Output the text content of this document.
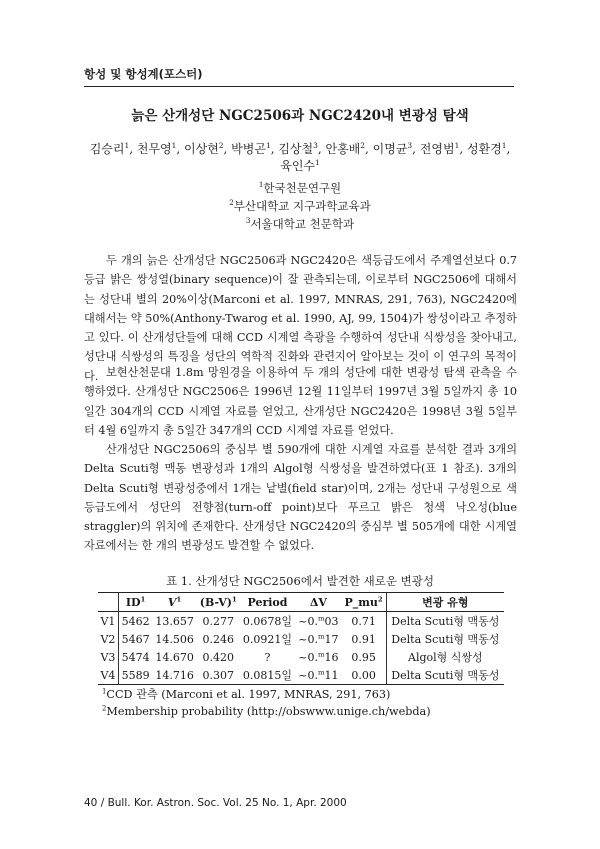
항성 및 항성계(포스터)
늙은 산개성단 NGC2506과 NGC2420내 변광성 탐색
김승리$^1$, 천무영$^1$, 이상현$^2$, 박병곤$^1$, 김상철$^3$, 안홍배$^2$, 이명균$^3$, 전영범$^1$, 성환경$^1$, 육인수$^1$
$^1$한국천문연구원
$^2$부산대학교 지구과학교육과
$^3$서울대학교 천문학과
두 개의 늙은 산개성단 NGC2506과 NGC2420은 색등급도에서 주계열선보다 0.7등급 밝은 쌍성열(binary sequence)이 잘 관측되는데, 이로부터 NGC2506에 대해서는 성단내 별의 20%이상(Marconi et al. 1997, MNRAS, 291, 763), NGC2420에 대해서는 약 50%(Anthony-Twarog et al. 1990, AJ, 99, 1504)가 쌍성이라고 추정하고 있다. 이 산개성단들에 대해 CCD 시계열 측광을 수행하여 성단내 식쌍성을 찾아내고, 성단내 식쌍성의 특징을 성단의 역학적 진화와 관련지어 알아보는 것이 이 연구의 목적이다. 보현산천문대 1.8m 망원경을 이용하여 두 개의 성단에 대한 변광성 탐색 관측을 수행하였다. 산개성단 NGC2506은 1996년 12월 11일부터 1997년 3월 5일까지 총 10일간 304개의 CCD 시계열 자료를 얻었고, 산개성단 NGC2420은 1998년 3월 5일부터 4월 6일까지 총 5일간 347개의 CCD 시계열 자료를 얻었다.
산개성단 NGC2506의 중심부 별 590개에 대한 시계열 자료를 분석한 결과 3개의 Delta Scuti형 맥동 변광성과 1개의 Algol형 식쌍성을 발견하였다(표 1 참조). 3개의 Delta Scuti형 변광성중에서 1개는 낱별(field star)이며, 2개는 성단내 구성원으로 색등급도에서 성단의 전향점(turn-off point)보다 푸르고 밝은 청색 낙오성(blue straggler)의 위치에 존재한다. 산개성단 NGC2420의 중심부 별 505개에 대한 시계열 자료에서는 한 개의 변광성도 발견할 수 없었다.
표 1. 산개성단 NGC2506에서 발견한 새로운 변광성
	$ID^1$	$V^1$	$(B-V)^1$	Period	ΔV	$P\_mu^2$	변광 유형
V1	5462	13.657	0.277	0.0678일	~0.$^m$03	0.71	Delta Scuti형 맥동성
V2	5467	14.506	0.246	0.0921일	~0.$^m$17	0.91	Delta Scuti형 맥동성
V3	5474	14.670	0.420	?	~0.$^m$16	0.95	Algol형 식쌍성
V4	5589	14.716	0.307	0.0815일	~0.$^m$11	0.00	Delta Scuti형 맥동성
$^1$CCD 관측 (Marconi et al. 1997, MNRAS, 291, 763)
$^2$Membership probability (http://obswww.unige.ch/webda)
40 / Bull. Kor. Astron. Soc. Vol. 25 No. 1, Apr. 2000
